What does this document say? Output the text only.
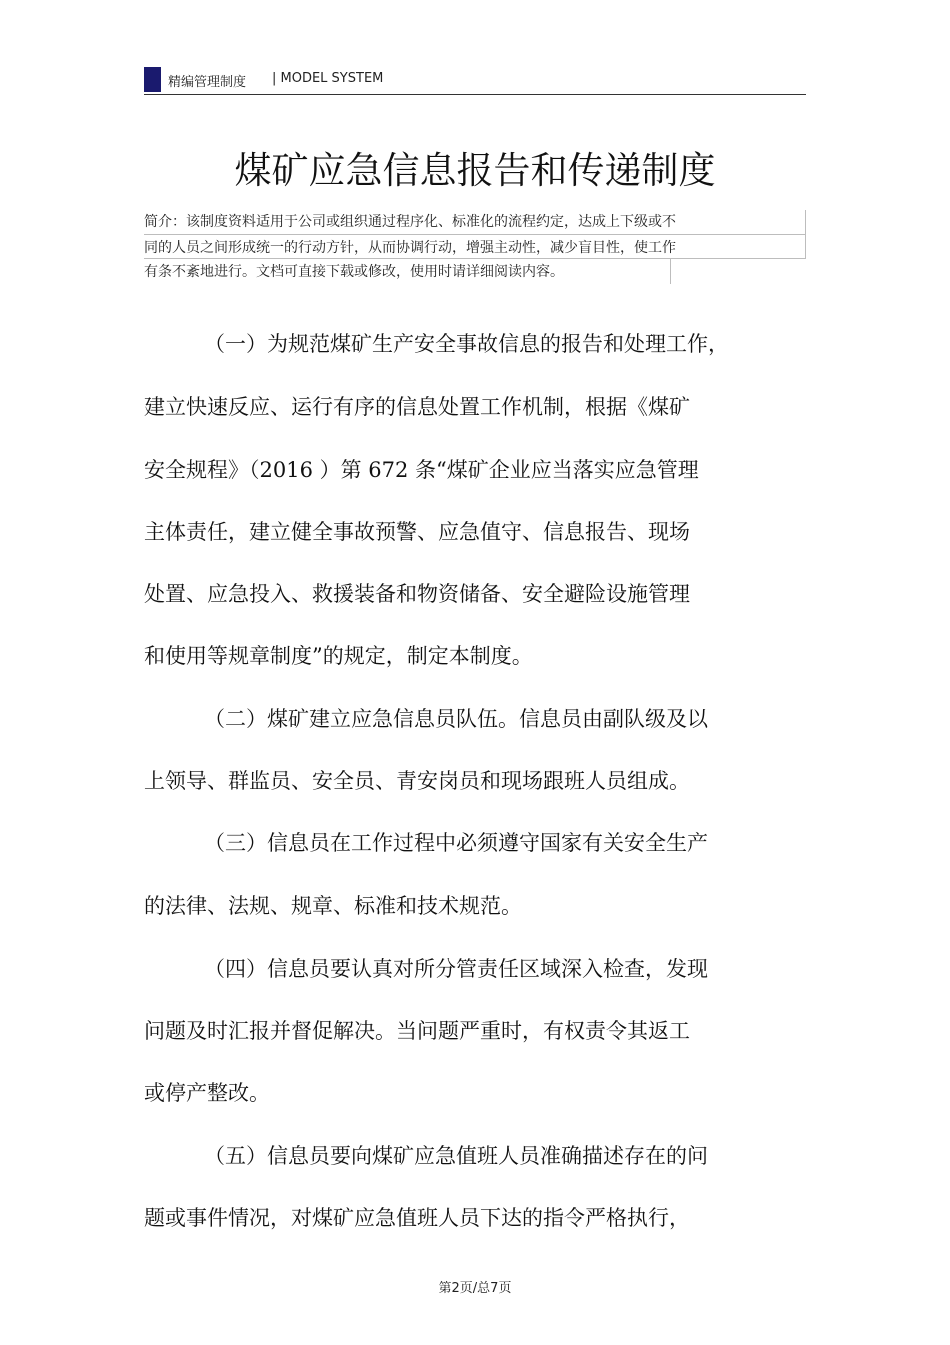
精编管理制度 | MODEL SYSTEM
煤矿应急信息报告和传递制度
简介：该制度资料适用于公司或组织通过程序化、标准化的流程约定，达成上下级或不
同的人员之间形成统一的行动方针，从而协调行动，增强主动性，减少盲目性，使工作
有条不紊地进行。文档可直接下载或修改，使用时请详细阅读内容。
（一）为规范煤矿生产安全事故信息的报告和处理工作，
建立快速反应、运行有序的信息处置工作机制，根据《煤矿
安全规程》（2016 ）第 672 条“煤矿企业应当落实应急管理
主体责任，建立健全事故预警、应急值守、信息报告、现场
处置、应急投入、救援装备和物资储备、安全避险设施管理
和使用等规章制度”的规定，制定本制度。
（二）煤矿建立应急信息员队伍。信息员由副队级及以
上领导、群监员、安全员、青安岗员和现场跟班人员组成。
（三）信息员在工作过程中必须遵守国家有关安全生产
的法律、法规、规章、标准和技术规范。
（四）信息员要认真对所分管责任区域深入检查，发现
问题及时汇报并督促解决。当问题严重时，有权责令其返工
或停产整改。
（五）信息员要向煤矿应急值班人员准确描述存在的问
题或事件情况，对煤矿应急值班人员下达的指令严格执行，
第2页/总7页
